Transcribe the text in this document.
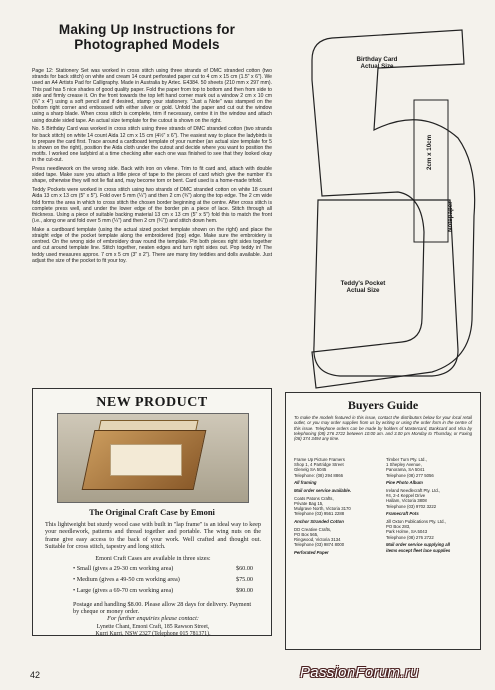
Making Up Instructions for
Photographed Models

Page 12: Stationery Set was worked in cross stitch using three strands of DMC stranded cotton (two strands for back stitch) on white and cream 14 count perforated paper cut to 4 cm x 15 cm (1.5" x 6"). We used an A4 Artists Pad for Calligraphy. Made in Australia by Artec. E4384. 50 sheets (210 mm x 297 mm). This pad has 5 nice shades of good quality paper. Fold the paper from top to bottom and then from side to side and firmly crease it. On the front towards the top left hand corner mark out a window 2 cm x 10 cm (¾" x 4") using a soft pencil and if desired, stamp your stationery. "Just a Note" was stamped on the bottom right corner and embossed with either silver or gold. Unfold the paper and cut out the window using a sharp blade. When cross stitch is complete, trim if necessary, centre it in the window and attach using double sided tape. An actual size template for the cutout is shown on the right.

No. 5 Birthday Card was worked in cross stitch using three strands of DMC stranded cotton (two strands for back stitch) on white 14 count Aida 12 cm x 15 cm (4½" x 6"). The easiest way to place the ladybirds is to prepare the card first. Trace around a cardboard template of your number (an actual size template for 5 is shown on the right), position the Aida cloth under the cutout and decide where you want to position the motifs. I worked one ladybird at a time checking after each one was finished to see that they looked okay in the cut-out.

Press needlework on the wrong side. Back with iron on vilene. Trim to fit card and, attach with double sided tape. Make sure you attach a little piece of tape to the pieces of card which give the number it's shape, otherwise they will not lie flat and, may become torn or bent. Card used is a home-made trifold.

Teddy Pockets were worked in cross stitch using two strands of DMC stranded cotton on white 18 count Aida 13 cm x 13 cm (5" x 5"). Fold over 5 mm (¼") and then 2 cm (¾") along the top edge. The 2 cm wide fold forms the area in which to cross stitch the chosen border beginning at the centre. After cross stitch is complete press well, and under the lower edge of the border pin a piece of lace. Stitch through all thickness. Using a piece of suitable backing material 13 cm x 13 cm (5" x 5") fold this to match the front (i.e., along one and fold over 5 mm (¼") and then 2 cm (¾")) and stitch down hem.

Make a cardboard template (using the actual sized pocket template shown on the right) and place the straight edge of the pocket template along the embroidered (top) edge. Make sure the embroidery is centred. On the wrong side of embroidery draw round the template. Pin both pieces right sides together and cut around template line. Stitch together, neaten edges and turn right sides out. Pop teddy in! The teddy used measures approx. 7 cm x 5 cm (3" x 2"). There are many tiny teddies and dolls available. Just adjust the size of the pocket to fit your toy.

NEW PRODUCT
The Original Craft Case by Emoni
This lightweight but sturdy wood case with built in "lap frame" is an ideal way to keep your needlework, patterns and thread together and portable. The wing nuts on the frame give easy access to the back of your work. Well crafted and thought out. Suitable for cross stitch, tapestry and long stitch.
Emoni Craft Cases are available in three sizes:
• Small (gives a 29-30 cm working area)	$60.00
• Medium (gives a 49-50 cm working area)	$75.00
• Large (gives a 69-70 cm working area)	$90.00
Postage and handling $8.00. Please allow 28 days for delivery. Payment by cheque or money order.
For further enquiries please contact:
Lynette Chant, Emoni Craft, 185 Rawson Street,
Kurri Kurri, NSW 2327 (Telephone 015 781371).
Birthday Card
Actual Size
Notepaper
2cm x 10cm
Teddy's Pocket
Actual Size
Buyers Guide
To make the models featured in this issue, contact the distributors below for your local retail outlet, or you may order supplies from us by writing or using the order form in the centre of this issue. Telephone orders can be made by holders of Mastercard, Bankcard and Visa by telephoning (08) 276 2722 between 10:00 am. and 3.00 pm Monday to Thursday, or Faxing (08) 374 3494 any time.
Frame Up Picture Framers
Shop 1, 4 Partridge Street
Glenelg SA 5045
Telephone: (08) 294 8866
All framing
Mail order service available.
Coats Patons Crafts,
Private Bag 15,
Mulgrave North, Victoria 3170
Telephone (03) 9561 2288
Anchor Stranded Cotton
DD Creative Crafts,
PO Box 565,
Ringwood, Victoria 3134
Telephone (03) 9874 8000
Perforated Paper
Timber Turn Pty. Ltd.,
1 Shepley Avenue,
Panorama, SA 5041
Telephone (08) 277 5056
Pine Photo Album
Ireland Needlecraft Pty. Ltd.,
#4, 2-4 Keppel Drive
Hallam, Victoria 3808
Telephone (03) 9702 3222
Framecraft Pots
Jill Oxton Publications Pty. Ltd.,
PO Box 283,
Park Holme, SA 5043
Telephone (08) 276 2722
Mail order service supplying all
items except fleet lace supplies
42	PassionForum.ru
